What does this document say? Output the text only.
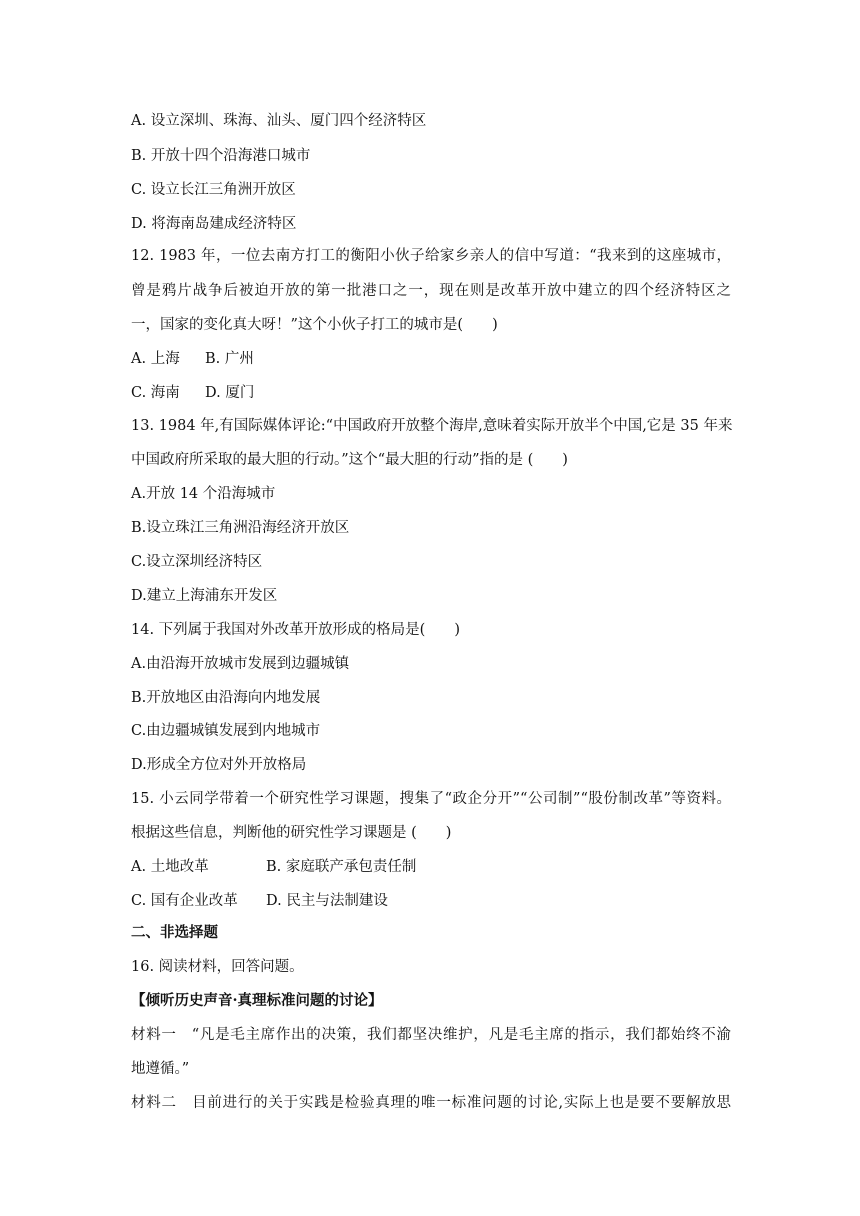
A. 设立深圳、珠海、汕头、厦门四个经济特区
B. 开放十四个沿海港口城市
C. 设立长江三角洲开放区
D. 将海南岛建成经济特区
12. 1983 年，一位去南方打工的衡阳小伙子给家乡亲人的信中写道：“我来到的这座城市，
曾是鸦片战争后被迫开放的第一批港口之一，现在则是改革开放中建立的四个经济特区之
一，国家的变化真大呀！”这个小伙子打工的城市是(　　)
A. 上海 B. 广州
C. 海南 D. 厦门
13. 1984 年,有国际媒体评论:“中国政府开放整个海岸,意味着实际开放半个中国,它是 35 年来
中国政府所采取的最大胆的行动。”这个“最大胆的行动”指的是 (　　)
A.开放 14 个沿海城市
B.设立珠江三角洲沿海经济开放区
C.设立深圳经济特区
D.建立上海浦东开发区
14. 下列属于我国对外改革开放形成的格局是(　　)
A.由沿海开放城市发展到边疆城镇
B.开放地区由沿海向内地发展
C.由边疆城镇发展到内地城市
D.形成全方位对外开放格局
15. 小云同学带着一个研究性学习课题，搜集了“政企分开”“公司制”“股份制改革”等资料。
根据这些信息，判断他的研究性学习课题是 (　　)
A. 土地改革	B. 家庭联产承包责任制
C. 国有企业改革 D. 民主与法制建设
二、非选择题
16. 阅读材料，回答问题。
【倾听历史声音·真理标准问题的讨论】
材料一　“凡是毛主席作出的决策，我们都坚决维护，凡是毛主席的指示，我们都始终不渝
地遵循。”
材料二　目前进行的关于实践是检验真理的唯一标准问题的讨论,实际上也是要不要解放思
